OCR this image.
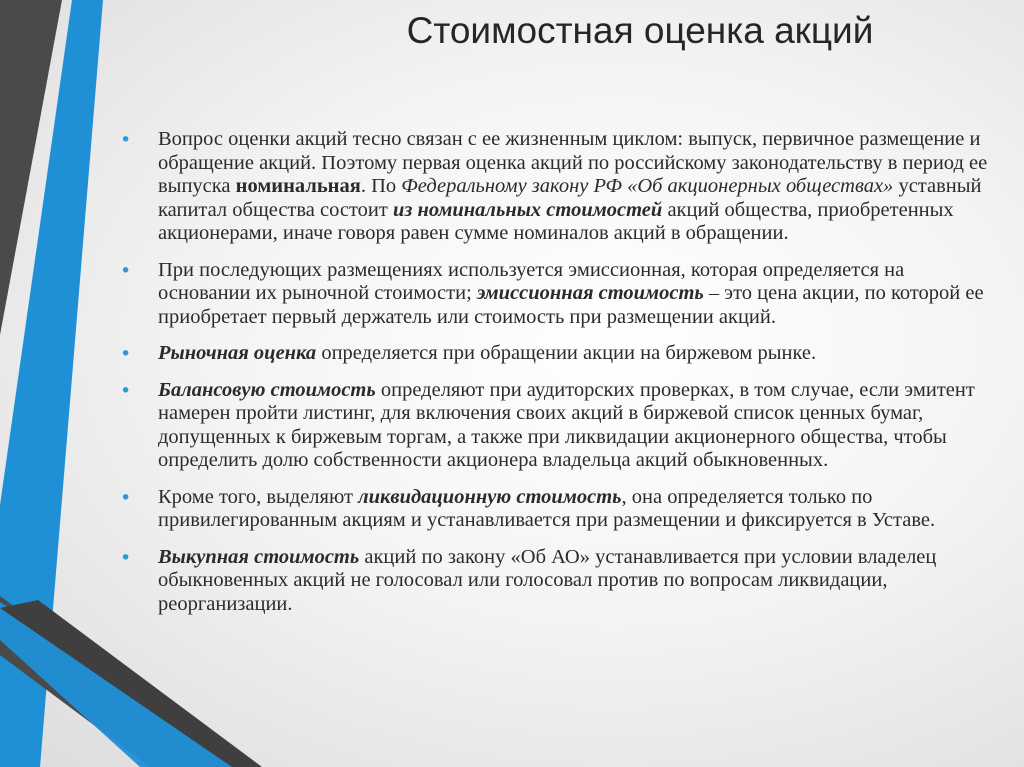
Стоимостная оценка акций
• Вопрос оценки акций тесно связан с ее жизненным циклом: выпуск, первичное размещение и обращение акций. Поэтому первая оценка акций по российскому законодательству в период ее выпуска номинальная. По Федеральному закону РФ «Об акционерных обществах» уставный капитал общества состоит из номинальных стоимостей акций общества, приобретенных акционерами, иначе говоря равен сумме номиналов акций в обращении.
• При последующих размещениях используется эмиссионная, которая определяется на основании их рыночной стоимости; эмиссионная стоимость – это цена акции, по которой ее приобретает первый держатель или стоимость при размещении акций.
• Рыночная оценка определяется при обращении акции на биржевом рынке.
• Балансовую стоимость определяют при аудиторских проверках, в том случае, если эмитент намерен пройти листинг, для включения своих акций в биржевой список ценных бумаг, допущенных к биржевым торгам, а также при ликвидации акционерного общества, чтобы определить долю собственности акционера владельца акций обыкновенных.
• Кроме того, выделяют ликвидационную стоимость, она определяется только по привилегированным акциям и устанавливается при размещении и фиксируется в Уставе.
• Выкупная стоимость акций по закону «Об АО» устанавливается при условии владелец обыкновенных акций не голосовал или голосовал против по вопросам ликвидации, реорганизации.
